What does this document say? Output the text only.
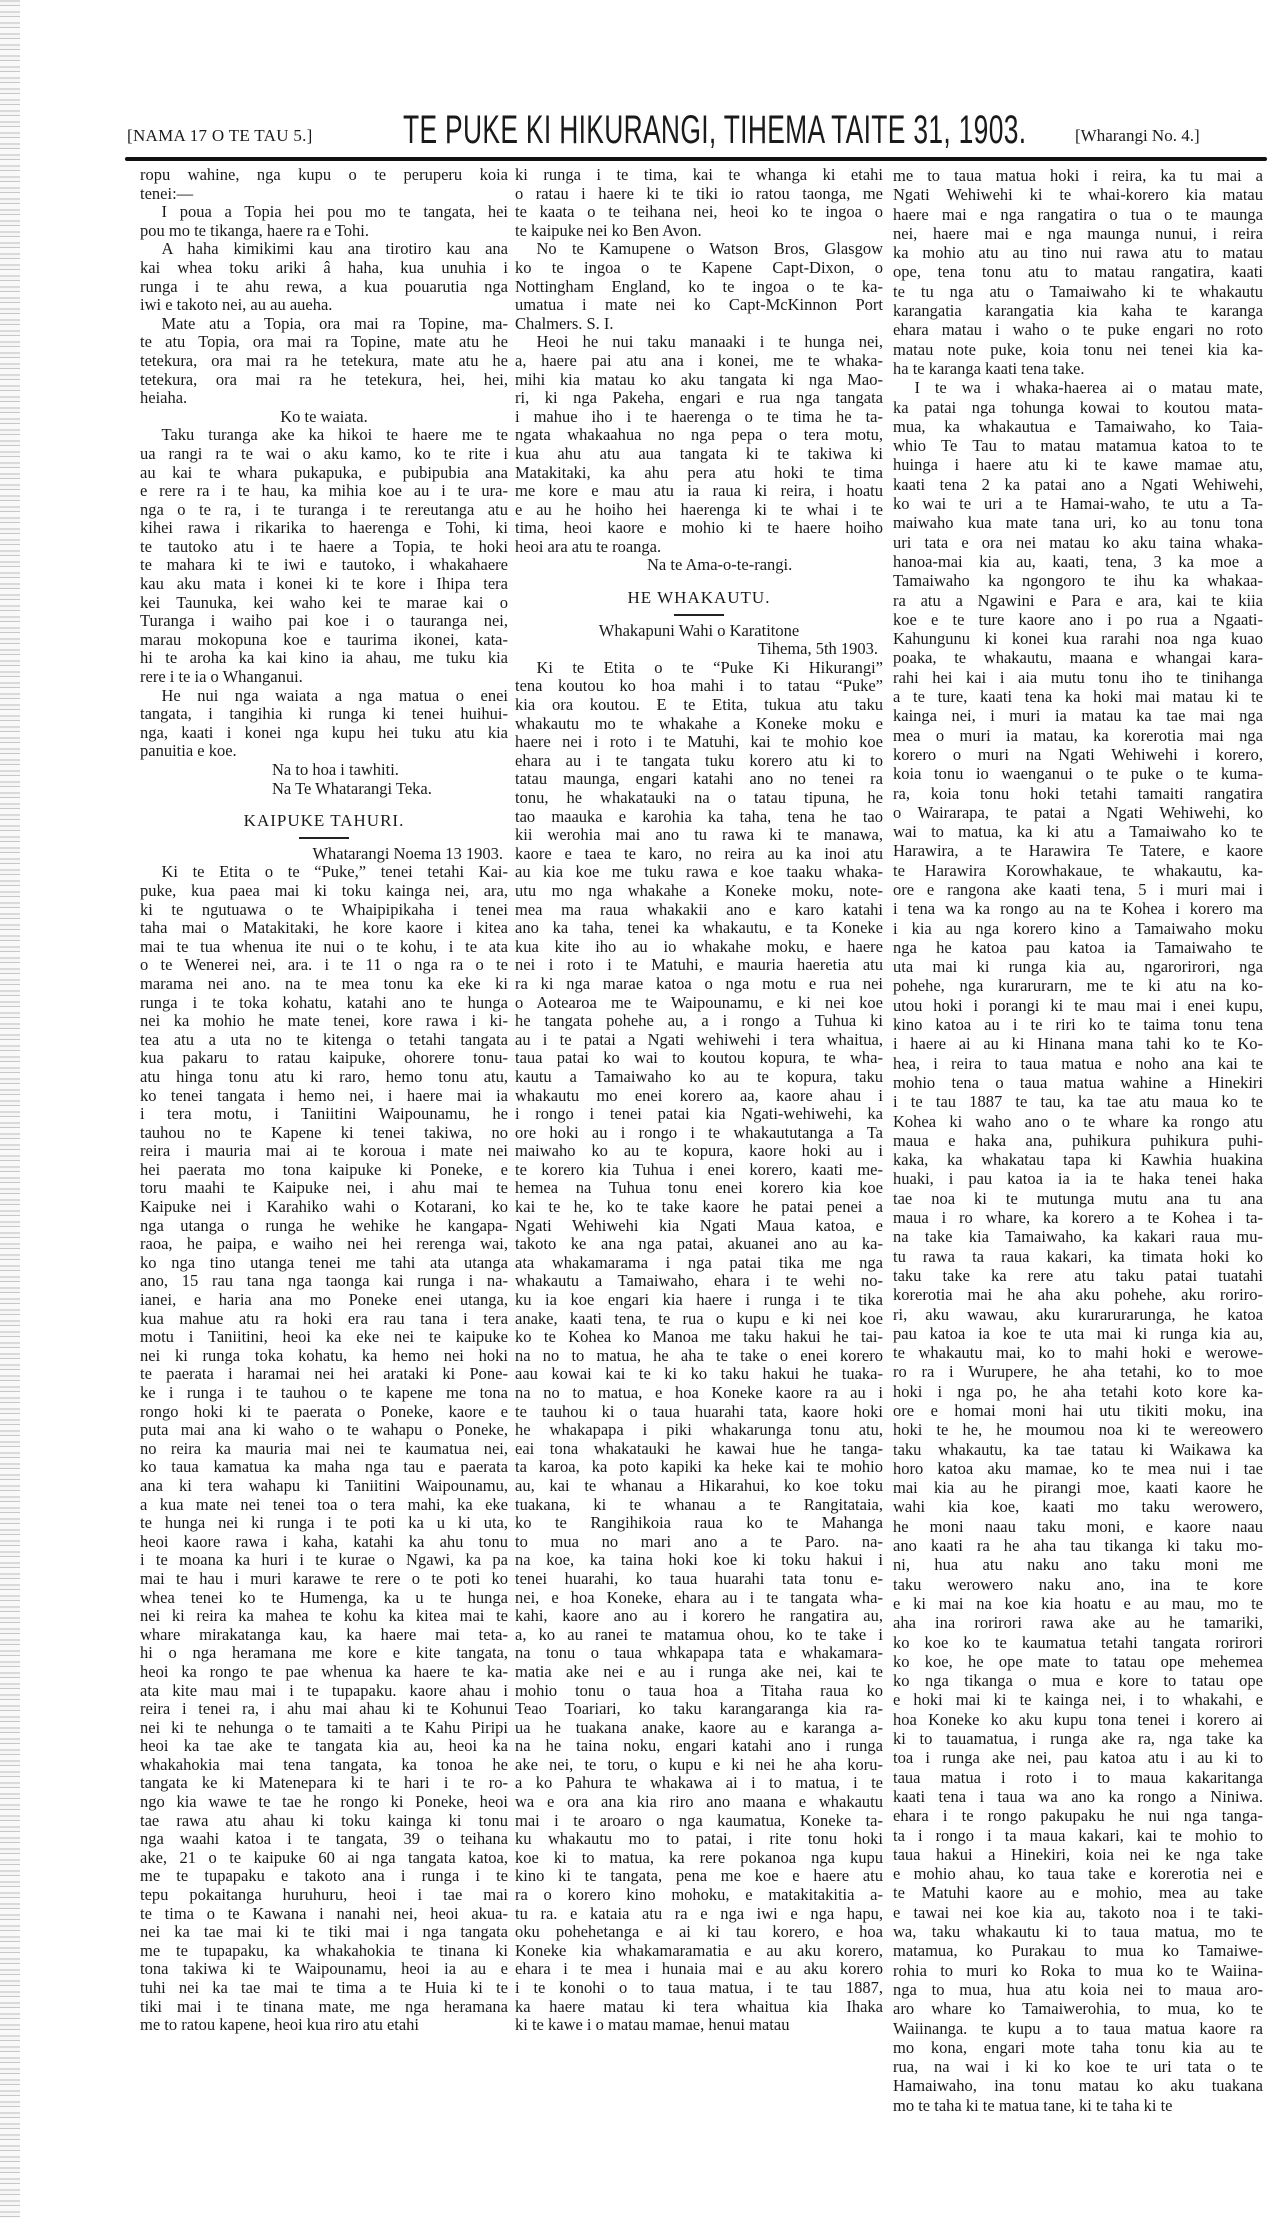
[NAMA 17 O TE TAU 5.] TE PUKE KI HIKURANGI, TIHEMA TAITE 31, 1903.	[Wharangi No. 4.]
ropu wahine, nga kupu o te peruperu koia
tenei:—
I poua a Topia hei pou mo te tangata, hei
pou mo te tikanga, haere ra e Tohi.
A haha kimikimi kau ana tirotiro kau ana
kai whea toku ariki â haha, kua unuhia i
runga i te ahu rewa, a kua pouarutia nga
iwi e takoto nei, au au aueha.
Mate atu a Topia, ora mai ra Topine, ma-
te atu Topia, ora mai ra Topine, mate atu he
tetekura, ora mai ra he tetekura, mate atu he
tetekura, ora mai ra he tetekura, hei, hei,
heiaha.
Ko te waiata.
Taku turanga ake ka hikoi te haere me te
ua rangi ra te wai o aku kamo, ko te rite i
au kai te whara pukapuka, e pubipubia ana
e rere ra i te hau, ka mihia koe au i te ura-
nga o te ra, i te turanga i te rereutanga atu
kihei rawa i rikarika to haerenga e Tohi, ki
te tautoko atu i te haere a Topia, te hoki
te mahara ki te iwi e tautoko, i whakahaere
kau aku mata i konei ki te kore i Ihipa tera
kei Taunuka, kei waho kei te marae kai o
Turanga i waiho pai koe i o tauranga nei,
marau mokopuna koe e taurima ikonei, kata-
hi te aroha ka kai kino ia ahau, me tuku kia
rere i te ia o Whanganui.
He nui nga waiata a nga matua o enei
tangata, i tangihia ki runga ki tenei huihui-
nga, kaati i konei nga kupu hei tuku atu kia
panuitia e koe.
Na to hoa i tawhiti.
Na Te Whatarangi Teka.
KAIPUKE TAHURI.
Whatarangi Noema 13 1903.
Ki te Etita o te “Puke,” tenei tetahi Kai-
puke, kua paea mai ki toku kainga nei, ara,
ki te ngutuawa o te Whaipipikaha i tenei
taha mai o Matakitaki, he kore kaore i kitea
mai te tua whenua ite nui o te kohu, i te ata
o te Wenerei nei, ara. i te 11 o nga ra o te
marama nei ano. na te mea tonu ka eke ki
runga i te toka kohatu, katahi ano te hunga
nei ka mohio he mate tenei, kore rawa i ki-
tea atu a uta no te kitenga o tetahi tangata
kua pakaru to ratau kaipuke, ohorere tonu-
atu hinga tonu atu ki raro, hemo tonu atu,
ko tenei tangata i hemo nei, i haere mai ia
i tera motu, i Taniitini Waipounamu, he
tauhou no te Kapene ki tenei takiwa, no
reira i mauria mai ai te koroua i mate nei
hei paerata mo tona kaipuke ki Poneke, e
toru maahi te Kaipuke nei, i ahu mai te
Kaipuke nei i Karahiko wahi o Kotarani, ko
nga utanga o runga he wehike he kangapa-
raoa, he paipa, e waiho nei hei rerenga wai,
ko nga tino utanga tenei me tahi ata utanga
ano, 15 rau tana nga taonga kai runga i na-
ianei, e haria ana mo Poneke enei utanga,
kua mahue atu ra hoki era rau tana i tera
motu i Taniitini, heoi ka eke nei te kaipuke
nei ki runga toka kohatu, ka hemo nei hoki
te paerata i haramai nei hei arataki ki Pone-
ke i runga i te tauhou o te kapene me tona
rongo hoki ki te paerata o Poneke, kaore e
puta mai ana ki waho o te wahapu o Poneke,
no reira ka mauria mai nei te kaumatua nei,
ko taua kamatua ka maha nga tau e paerata
ana ki tera wahapu ki Taniitini Waipounamu,
a kua mate nei tenei toa o tera mahi, ka eke
te hunga nei ki runga i te poti ka u ki uta,
heoi kaore rawa i kaha, katahi ka ahu tonu
i te moana ka huri i te kurae o Ngawi, ka pa
mai te hau i muri karawe te rere o te poti ko
whea tenei ko te Humenga, ka u te hunga
nei ki reira ka mahea te kohu ka kitea mai te
whare mirakatanga kau, ka haere mai teta-
hi o nga heramana me kore e kite tangata,
heoi ka rongo te pae whenua ka haere te ka-
ata kite mau mai i te tupapaku. kaore ahau i
reira i tenei ra, i ahu mai ahau ki te Kohunui
nei ki te nehunga o te tamaiti a te Kahu Piripi
heoi ka tae ake te tangata kia au, heoi ka
whakahokia mai tena tangata, ka tonoa he
tangata ke ki Matenepara ki te hari i te ro-
ngo kia wawe te tae he rongo ki Poneke, heoi
tae rawa atu ahau ki toku kainga ki tonu
nga waahi katoa i te tangata, 39 o teihana
ake, 21 o te kaipuke 60 ai nga tangata katoa,
me te tupapaku e takoto ana i runga i te
tepu pokaitanga huruhuru, heoi i tae mai
te tima o te Kawana i nanahi nei, heoi akua-
nei ka tae mai ki te tiki mai i nga tangata
me te tupapaku, ka whakahokia te tinana ki
tona takiwa ki te Waipounamu, heoi ia au e
tuhi nei ka tae mai te tima a te Huia ki te
tiki mai i te tinana mate, me nga heramana
me to ratou kapene, heoi kua riro atu etahi
ki runga i te tima, kai te whanga ki etahi
o ratau i haere ki te tiki io ratou taonga, me
te kaata o te teihana nei, heoi ko te ingoa o
te kaipuke nei ko Ben Avon.
No te Kamupene o Watson Bros, Glasgow
ko te ingoa o te Kapene Capt-Dixon, o
Nottingham England, ko te ingoa o te ka-
umatua i mate nei ko Capt-McKinnon Port
Chalmers. S. I.
Heoi he nui taku manaaki i te hunga nei,
a, haere pai atu ana i konei, me te whaka-
mihi kia matau ko aku tangata ki nga Mao-
ri, ki nga Pakeha, engari e rua nga tangata
i mahue iho i te haerenga o te tima he ta-
ngata whakaahua no nga pepa o tera motu,
kua ahu atu aua tangata ki te takiwa ki
Matakitaki, ka ahu pera atu hoki te tima
me kore e mau atu ia raua ki reira, i hoatu
e au he hoiho hei haerenga ki te whai i te
tima, heoi kaore e mohio ki te haere hoiho
heoi ara atu te roanga.
Na te Ama-o-te-rangi.
HE WHAKAUTU.
Whakapuni Wahi o Karatitone
Tihema, 5th 1903.
Ki te Etita o te “Puke Ki Hikurangi”
tena koutou ko hoa mahi i to tatau “Puke”
kia ora koutou. E te Etita, tukua atu taku
whakautu mo te whakahe a Koneke moku e
haere nei i roto i te Matuhi, kai te mohio koe
ehara au i te tangata tuku korero atu ki to
tatau maunga, engari katahi ano no tenei ra
tonu, he whakatauki na o tatau tipuna, he
tao maauka e karohia ka taha, tena he tao
kii werohia mai ano tu rawa ki te manawa,
kaore e taea te karo, no reira au ka inoi atu
au kia koe me tuku rawa e koe taaku whaka-
utu mo nga whakahe a Koneke moku, note-
mea ma raua whakakii ano e karo katahi
ano ka taha, tenei ka whakautu, e ta Koneke
kua kite iho au io whakahe moku, e haere
nei i roto i te Matuhi, e mauria haeretia atu
ra ki nga marae katoa o nga motu e rua nei
o Aotearoa me te Waipounamu, e ki nei koe
he tangata pohehe au, a i rongo a Tuhua ki
au i te patai a Ngati wehiwehi i tera whaitua,
taua patai ko wai to koutou kopura, te wha-
kautu a Tamaiwaho ko au te kopura, taku
whakautu mo enei korero aa, kaore ahau i
i rongo i tenei patai kia Ngati-wehiwehi, ka
ore hoki au i rongo i te whakaututanga a Ta
maiwaho ko au te kopura, kaore hoki au i
te korero kia Tuhua i enei korero, kaati me-
hemea na Tuhua tonu enei korero kia koe
kai te he, ko te take kaore he patai penei a
Ngati Wehiwehi kia Ngati Maua katoa, e
takoto ke ana nga patai, akuanei ano au ka-
ata whakamarama i nga patai tika me nga
whakautu a Tamaiwaho, ehara i te wehi no-
ku ia koe engari kia haere i runga i te tika
anake, kaati tena, te rua o kupu e ki nei koe
ko te Kohea ko Manoa me taku hakui he tai-
na no to matua, he aha te take o enei korero
aau kowai kai te ki ko taku hakui he tuaka-
na no to matua, e hoa Koneke kaore ra au i
te tauhou ki o taua huarahi tata, kaore hoki
he whakapapa i piki whakarunga tonu atu,
eai tona whakatauki he kawai hue he tanga-
ta karoa, ka poto kapiki ka heke kai te mohio
au, kai te whanau a Hikarahui, ko koe toku
tuakana, ki te whanau a te Rangitataia,
ko te Rangihikoia raua ko te Mahanga
to mua no mari ano a te Paro. na-
na koe, ka taina hoki koe ki toku hakui i
tenei huarahi, ko taua huarahi tata tonu e-
nei, e hoa Koneke, ehara au i te tangata wha-
kahi, kaore ano au i korero he rangatira au,
a, ko au ranei te matamua ohou, ko te take i
na tonu o taua whkapapa tata e whakamara-
matia ake nei e au i runga ake nei, kai te
mohio tonu o taua hoa a Titaha raua ko
Teao Toariari, ko taku karangaranga kia ra-
ua he tuakana anake, kaore au e karanga a-
na he taina noku, engari katahi ano i runga
ake nei, te toru, o kupu e ki nei he aha koru-
a ko Pahura te whakawa ai i to matua, i te
wa e ora ana kia riro ano maana e whakautu
mai i te aroaro o nga kaumatua, Koneke ta-
ku whakautu mo to patai, i rite tonu hoki
koe ki to matua, ka rere pokanoa nga kupu
kino ki te tangata, pena me koe e haere atu
ra o korero kino mohoku, e matakitakitia a-
tu ra. e kataia atu ra e nga iwi e nga hapu,
oku pohehetanga e ai ki tau korero, e hoa
Koneke kia whakamaramatia e au aku korero,
ehara i te mea i hunaia mai e au aku korero
i te konohi o to taua matua, i te tau 1887,
ka haere matau ki tera whaitua kia Ihaka
ki te kawe i o matau mamae, henui matau
me to taua matua hoki i reira, ka tu mai a
Ngati Wehiwehi ki te whai-korero kia matau
haere mai e nga rangatira o tua o te maunga
nei, haere mai e nga maunga nunui, i reira
ka mohio atu au tino nui rawa atu to matau
ope, tena tonu atu to matau rangatira, kaati
te tu nga atu o Tamaiwaho ki te whakautu
karangatia karangatia kia kaha te karanga
ehara matau i waho o te puke engari no roto
matau note puke, koia tonu nei tenei kia ka-
ha te karanga kaati tena take.
I te wa i whaka-haerea ai o matau mate,
ka patai nga tohunga kowai to koutou mata-
mua, ka whakautua e Tamaiwaho, ko Taia-
whio Te Tau to matau matamua katoa to te
huinga i haere atu ki te kawe mamae atu,
kaati tena 2 ka patai ano a Ngati Wehiwehi,
ko wai te uri a te Hamai-waho, te utu a Ta-
maiwaho kua mate tana uri, ko au tonu tona
uri tata e ora nei matau ko aku taina whaka-
hanoa-mai kia au, kaati, tena, 3 ka moe a
Tamaiwaho ka ngongoro te ihu ka whakaa-
ra atu a Ngawini e Para e ara, kai te kiia
koe e te ture kaore ano i po rua a Ngaati-
Kahungunu ki konei kua rarahi noa nga kuao
poaka, te whakautu, maana e whangai kara-
rahi hei kai i aia mutu tonu iho te tinihanga
a te ture, kaati tena ka hoki mai matau ki te
kainga nei, i muri ia matau ka tae mai nga
mea o muri ia matau, ka korerotia mai nga
korero o muri na Ngati Wehiwehi i korero,
koia tonu io waenganui o te puke o te kuma-
ra, koia tonu hoki tetahi tamaiti rangatira
o Wairarapa, te patai a Ngati Wehiwehi, ko
wai to matua, ka ki atu a Tamaiwaho ko te
Harawira, a te Harawira Te Tatere, e kaore
te Harawira Korowhakaue, te whakautu, ka-
ore e rangona ake kaati tena, 5 i muri mai i
i tena wa ka rongo au na te Kohea i korero ma
i kia au nga korero kino a Tamaiwaho moku
nga he katoa pau katoa ia Tamaiwaho te
uta mai ki runga kia au, ngarorirori, nga
pohehe, nga kurarurarn, me te ki atu na ko-
utou hoki i porangi ki te mau mai i enei kupu,
kino katoa au i te riri ko te taima tonu tena
i haere ai au ki Hinana mana tahi ko te Ko-
hea, i reira to taua matua e noho ana kai te
mohio tena o taua matua wahine a Hinekiri
i te tau 1887 te tau, ka tae atu maua ko te
Kohea ki waho ano o te whare ka rongo atu
maua e haka ana, puhikura puhikura puhi-
kaka, ka whakatau tapa ki Kawhia huakina
huaki, i pau katoa ia ia te haka tenei haka
tae noa ki te mutunga mutu ana tu ana
maua i ro whare, ka korero a te Kohea i ta-
na take kia Tamaiwaho, ka kakari raua mu-
tu rawa ta raua kakari, ka timata hoki ko
taku take ka rere atu taku patai tuatahi
korerotia mai he aha aku pohehe, aku roriro-
ri, aku wawau, aku kurarurarunga, he katoa
pau katoa ia koe te uta mai ki runga kia au,
te whakautu mai, ko to mahi hoki e werowe-
ro ra i Wurupere, he aha tetahi, ko to moe
hoki i nga po, he aha tetahi koto kore ka-
ore e homai moni hai utu tikiti moku, ina
hoki te he, he moumou noa ki te wereowero
taku whakautu, ka tae tatau ki Waikawa ka
horo katoa aku mamae, ko te mea nui i tae
mai kia au he pirangi moe, kaati kaore he
wahi kia koe, kaati mo taku werowero,
he moni naau taku moni, e kaore naau
ano kaati ra he aha tau tikanga ki taku mo-
ni, hua atu naku ano taku moni me
taku werowero naku ano, ina te kore
e ki mai na koe kia hoatu e au mau, mo te
aha ina rorirori rawa ake au he tamariki,
ko koe ko te kaumatua tetahi tangata rorirori
ko koe, he ope mate to tatau ope mehemea
ko nga tikanga o mua e kore to tatau ope
e hoki mai ki te kainga nei, i to whakahi, e
hoa Koneke ko aku kupu tona tenei i korero ai
ki to tauamatua, i runga ake ra, nga take ka
toa i runga ake nei, pau katoa atu i au ki to
taua matua i roto i to maua kakaritanga
kaati tena i taua wa ano ka rongo a Niniwa.
ehara i te rongo pakupaku he nui nga tanga-
ta i rongo i ta maua kakari, kai te mohio to
taua hakui a Hinekiri, koia nei ke nga take
e mohio ahau, ko taua take e korerotia nei e
te Matuhi kaore au e mohio, mea au take
e tawai nei koe kia au, takoto noa i te taki-
wa, taku whakautu ki to taua matua, mo te
matamua, ko Purakau to mua ko Tamaiwe-
rohia to muri ko Roka to mua ko te Waiina-
nga to mua, hua atu koia nei to maua aro-
aro whare ko Tamaiwerohia, to mua, ko te
Waiinanga. te kupu a to taua matua kaore ra
mo kona, engari mote taha tonu kia au te
rua, na wai i ki ko koe te uri tata o te
Hamaiwaho, ina tonu matau ko aku tuakana
mo te taha ki te matua tane, ki te taha ki te
